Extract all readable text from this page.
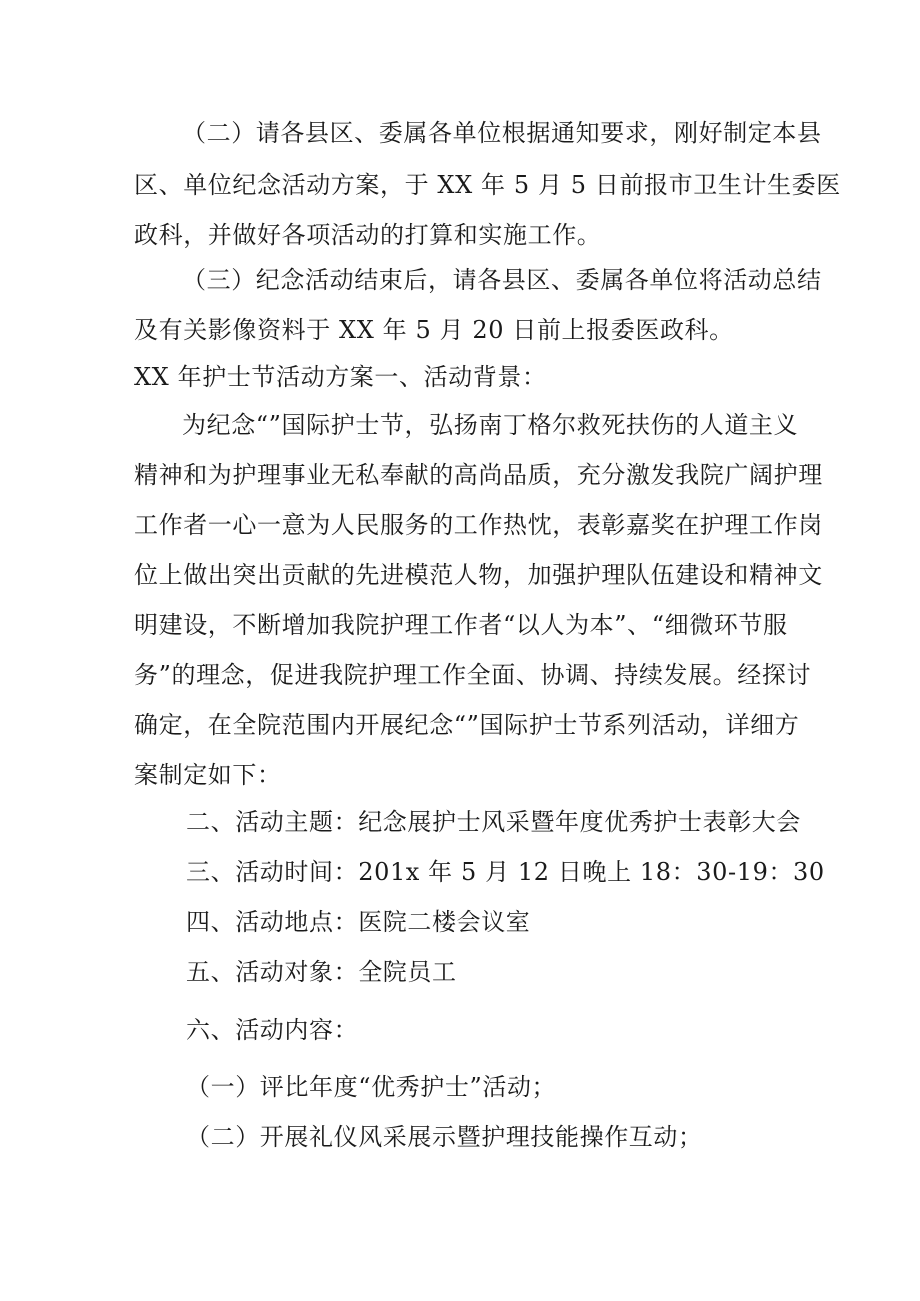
（二）请各县区、委属各单位根据通知要求，刚好制定本县
区、单位纪念活动方案，于 XX 年 5 月 5 日前报市卫生计生委医
政科，并做好各项活动的打算和实施工作。
（三）纪念活动结束后，请各县区、委属各单位将活动总结
及有关影像资料于 XX 年 5 月 20 日前上报委医政科。
XX 年护士节活动方案一、活动背景：
为纪念“”国际护士节，弘扬南丁格尔救死扶伤的人道主义
精神和为护理事业无私奉献的高尚品质，充分激发我院广阔护理
工作者一心一意为人民服务的工作热忱，表彰嘉奖在护理工作岗
位上做出突出贡献的先进模范人物，加强护理队伍建设和精神文
明建设，不断增加我院护理工作者“以人为本”、“细微环节服
务”的理念，促进我院护理工作全面、协调、持续发展。经探讨
确定，在全院范围内开展纪念“”国际护士节系列活动，详细方
案制定如下：
二、活动主题：纪念展护士风采暨年度优秀护士表彰大会
三、活动时间：201x 年 5 月 12 日晚上 18：30-19：30
四、活动地点：医院二楼会议室
五、活动对象：全院员工
六、活动内容：
（一）评比年度“优秀护士”活动；
（二）开展礼仪风采展示暨护理技能操作互动；
